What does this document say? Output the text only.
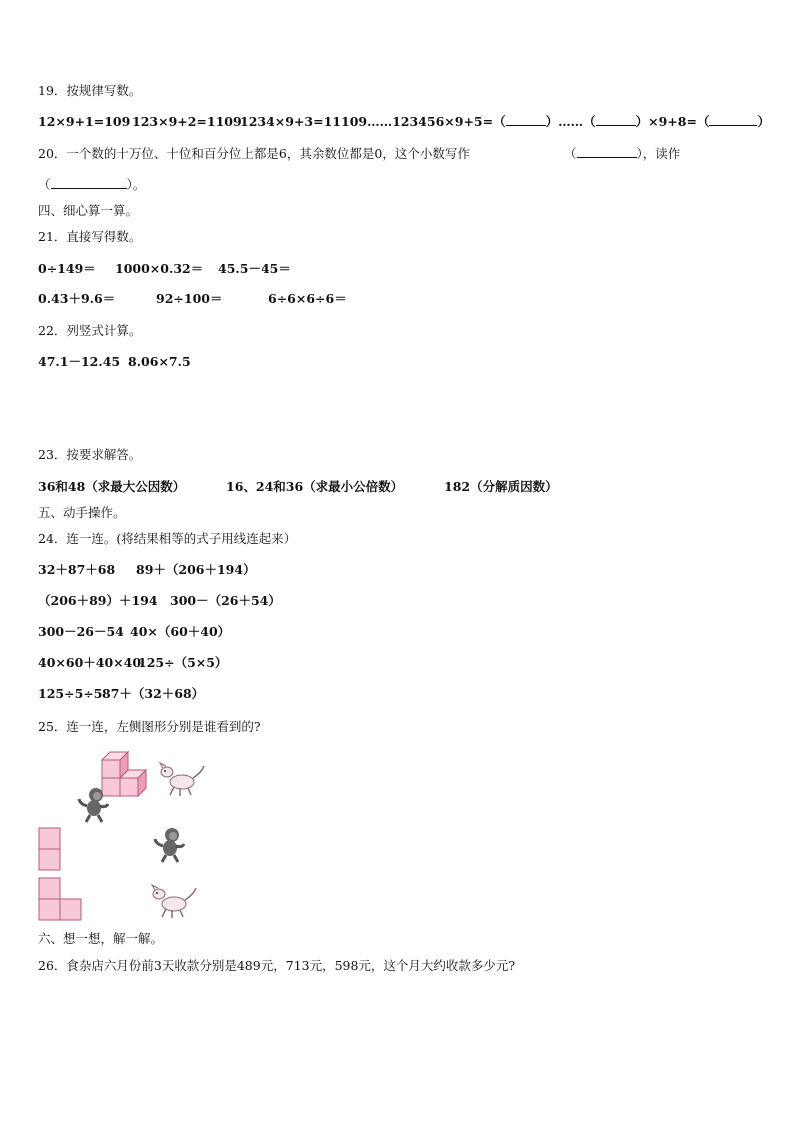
19．按规律写数。
12×9+1=109 123×9+2=1109
1234×9+3=11109……123456×9+5=（	）……（	）×9+8=（	）
20．一个数的十万位、十位和百分位上都是6，其余数位都是0，这个小数写作	（	），读作
（	）。
四、细心算一算。
21．直接写得数。
0÷149＝ 1000×0.32＝ 45.5－45＝
0.43＋9.6＝	92÷100＝	6÷6×6÷6＝
22．列竖式计算。
47.1－12.45 8.06×7.5
23．按要求解答。
36和48（求最大公因数）	16、24和36（求最小公倍数）	182（分解质因数）
五、动手操作。
24．连一连。(将结果相等的式子用线连起来）
32＋87＋68 89＋（206＋194）
（206＋89）＋194 300－（26＋54）
300－26－54 40×（60＋40）
40×60＋40×40
125÷（5×5）
125÷5÷5 87＋（32＋68）
25．连一连，左侧图形分别是谁看到的?
六、想一想，解一解。
26．食杂店六月份前3天收款分别是489元，713元，598元，这个月大约收款多少元?
